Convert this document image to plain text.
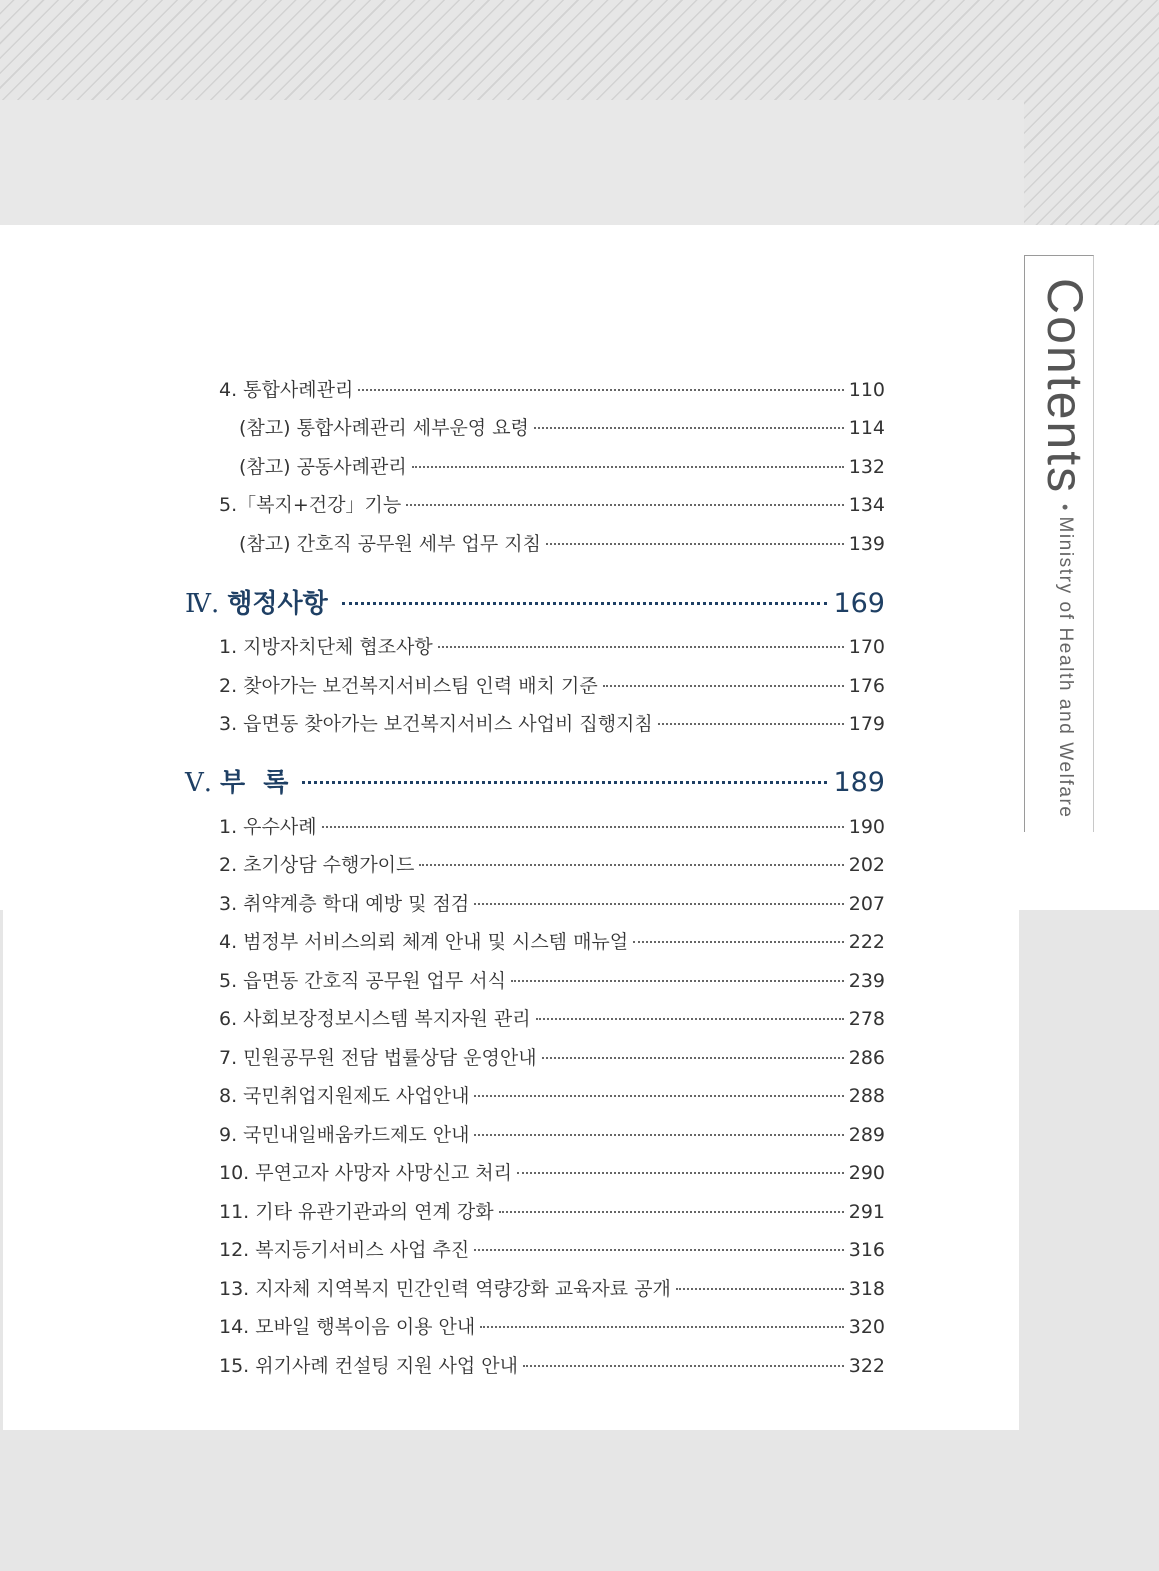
Contents•Ministry of Health and Welfare
4. 통합사례관리	110
(참고) 통합사례관리 세부운영 요령	114
(참고) 공동사례관리	132
5.「복지+건강」기능	134
(참고) 간호직 공무원 세부 업무 지침	139
Ⅳ. 행정사항	169
1. 지방자치단체 협조사항	170
2. 찾아가는 보건복지서비스팀 인력 배치 기준	176
3. 읍면동 찾아가는 보건복지서비스 사업비 집행지침	179
Ⅴ. 부  록	189
1. 우수사례	190
2. 초기상담 수행가이드	202
3. 취약계층 학대 예방 및 점검	207
4. 범정부 서비스의뢰 체계 안내 및 시스템 매뉴얼	222
5. 읍면동 간호직 공무원 업무 서식	239
6. 사회보장정보시스템 복지자원 관리	278
7. 민원공무원 전담 법률상담 운영안내	286
8. 국민취업지원제도 사업안내	288
9. 국민내일배움카드제도 안내	289
10. 무연고자 사망자 사망신고 처리	290
11. 기타 유관기관과의 연계 강화	291
12. 복지등기서비스 사업 추진	316
13. 지자체 지역복지 민간인력 역량강화 교육자료 공개	318
14. 모바일 행복이음 이용 안내	320
15. 위기사례 컨설팅 지원 사업 안내	322
